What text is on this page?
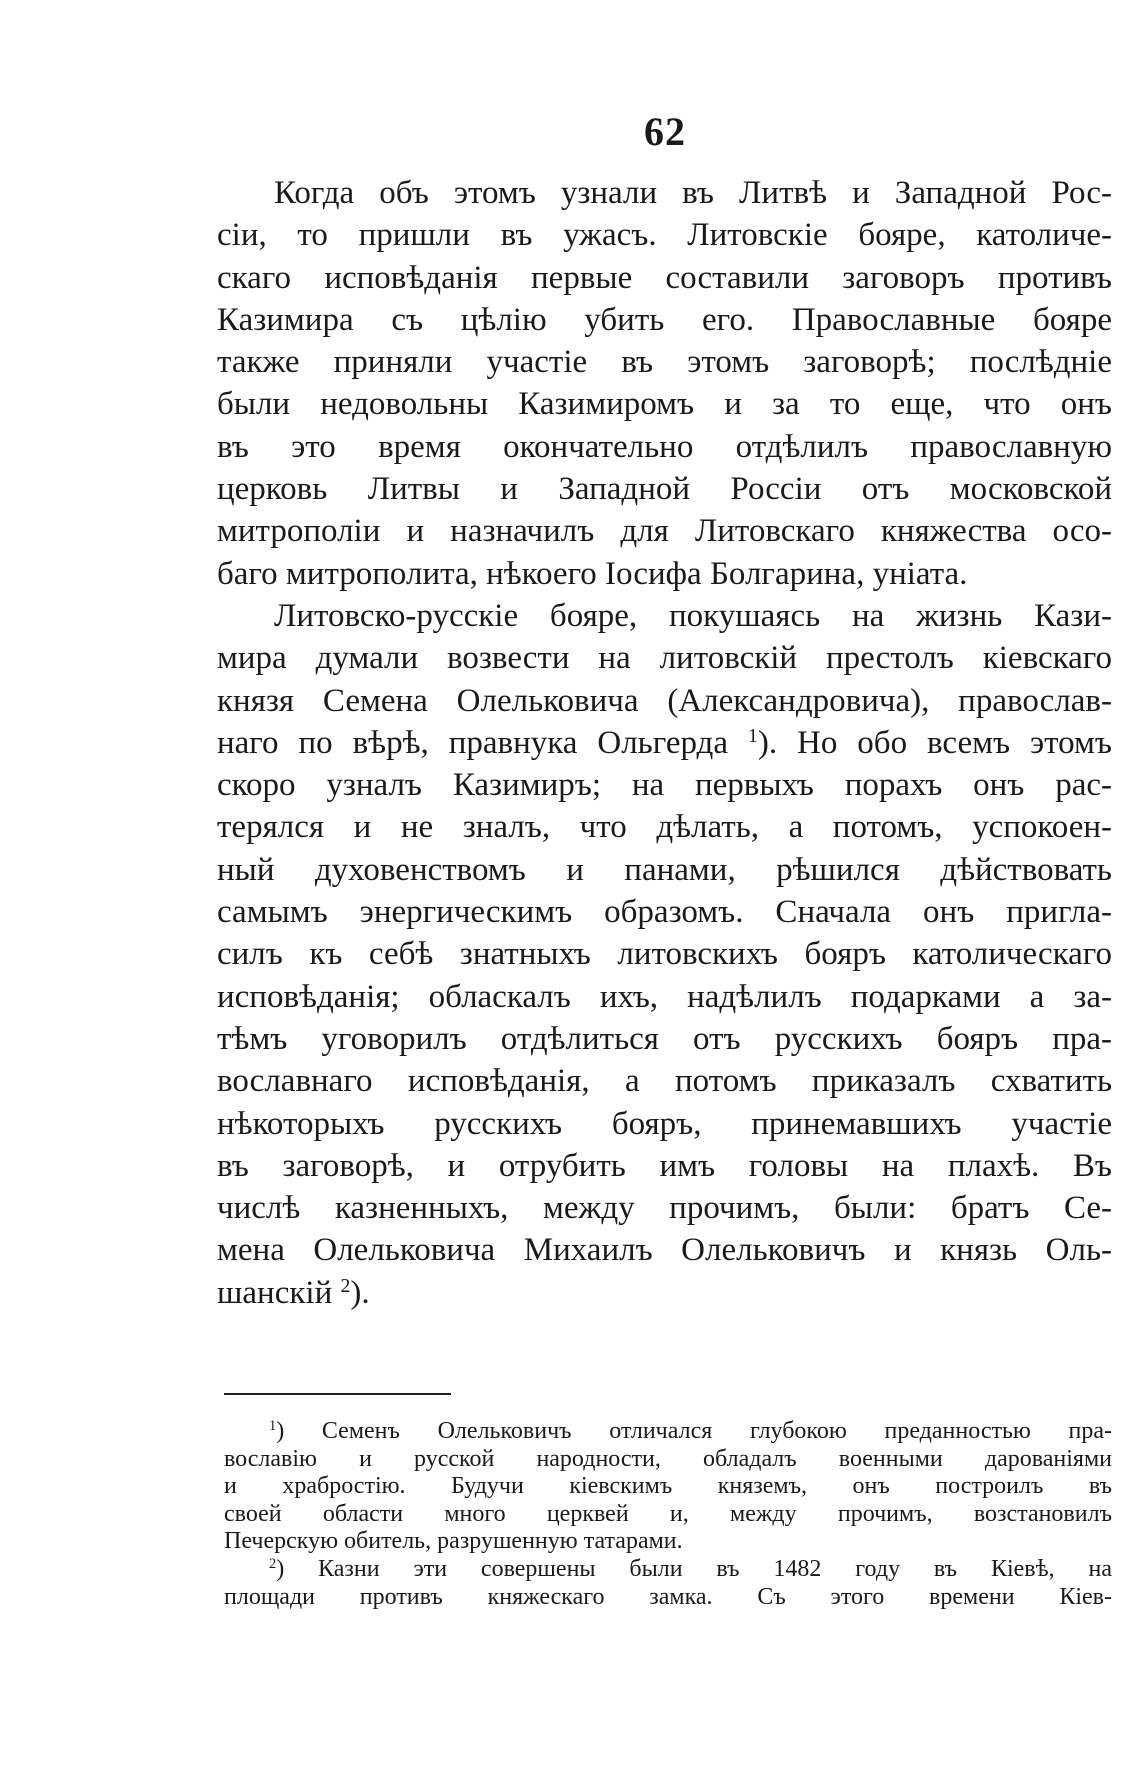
62
Когда объ этомъ узнали въ Литвѣ и Западной Рос-
сіи, то пришли въ ужасъ. Литовскіе бояре, католиче-
скаго исповѣданія первые составили заговоръ противъ
Казимира съ цѣлію убить его. Православные бояре
также приняли участіе въ этомъ заговорѣ; послѣдніе
были недовольны Казимиромъ и за то еще, что онъ
въ это время окончательно отдѣлилъ православную
церковь Литвы и Западной Россіи отъ московской
митрополіи и назначилъ для Литовскаго княжества осо-
баго митрополита, нѣкоего Іосифа Болгарина, уніата.
Литовско-русскіе бояре, покушаясь на жизнь Кази-
мира думали возвести на литовскій престолъ кіевскаго
князя Семена Олельковича (Александровича), православ-
наго по вѣрѣ, правнука Ольгерда $^1$). Но обо всемъ этомъ
скоро узналъ Казимиръ; на первыхъ порахъ онъ рас-
терялся и не зналъ, что дѣлать, а потомъ, успокоен-
ный духовенствомъ и панами, рѣшился дѣйствовать
самымъ энергическимъ образомъ. Сначала онъ пригла-
силъ къ себѣ знатныхъ литовскихъ бояръ католическаго
исповѣданія; обласкалъ ихъ, надѣлилъ подарками а за-
тѣмъ уговорилъ отдѣлиться отъ русскихъ бояръ пра-
вославнаго исповѣданія, а потомъ приказалъ схватить
нѣкоторыхъ русскихъ бояръ, принемавшихъ участіе
въ заговорѣ, и отрубить имъ головы на плахѣ. Въ
числѣ казненныхъ, между прочимъ, были: братъ Се-
мена Олельковича Михаилъ Олельковичъ и князь Оль-
шанскій $^2$).
$^1$) Семенъ Олельковичъ отличался глубокою преданностью пра-
вославію и русской народности, обладалъ военными дарованіями
и храбростію. Будучи кіевскимъ княземъ, онъ построилъ въ
своей области много церквей и, между прочимъ, возстановилъ
Печерскую обитель, разрушенную татарами.
$^2$) Казни эти совершены были въ 1482 году въ Кіевѣ, на
площади противъ княжескаго замка. Съ этого времени Кіев-
